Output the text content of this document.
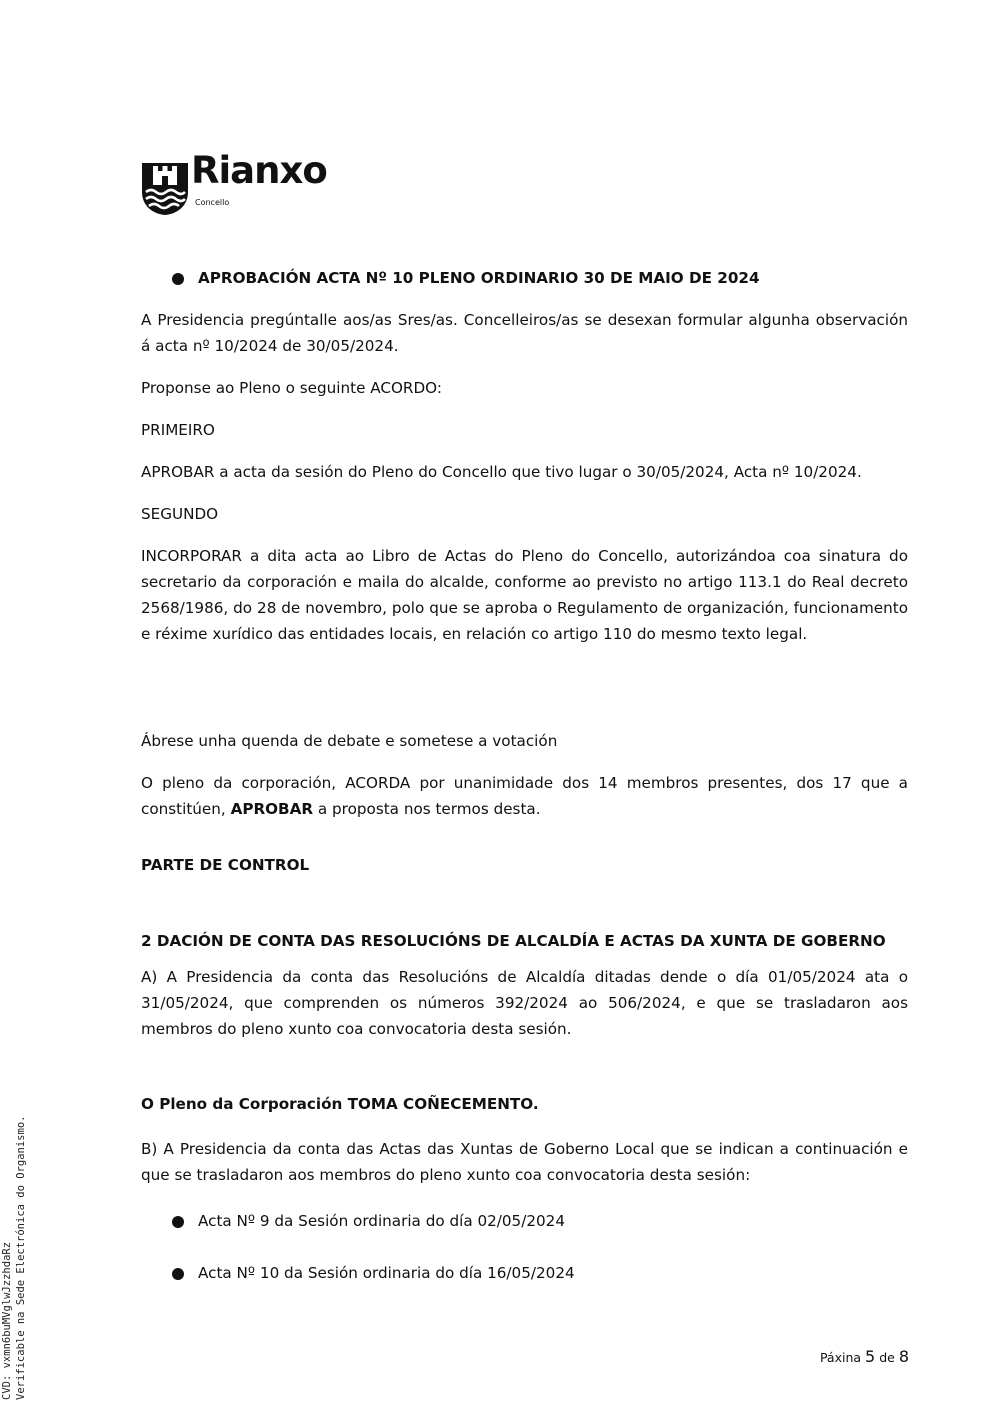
Rianxo
Concello
APROBACIÓN ACTA Nº 10 PLENO ORDINARIO 30 DE MAIO DE 2024

A Presidencia pregúntalle aos/as Sres/as. Concelleiros/as se desexan formular algunha observación á acta nº 10/2024 de 30/05/2024.

Proponse ao Pleno o seguinte ACORDO:

PRIMEIRO

APROBAR a acta da sesión do Pleno do Concello que tivo lugar o 30/05/2024, Acta nº 10/2024.

SEGUNDO

INCORPORAR a dita acta ao Libro de Actas do Pleno do Concello, autorizándoa coa sinatura do secretario da corporación e maila do alcalde, conforme ao previsto no artigo 113.1 do Real decreto 2568/1986, do 28 de novembro, polo que se aproba o Regulamento de organización, funcionamento e réxime xurídico das entidades locais, en relación co artigo 110 do mesmo texto legal.

Ábrese unha quenda de debate e sometese a votación

O pleno da corporación, ACORDA por unanimidade dos 14 membros presentes, dos 17 que a constitúen, APROBAR a proposta nos termos desta.

PARTE DE CONTROL

2 DACIÓN DE CONTA DAS RESOLUCIÓNS DE ALCALDÍA E ACTAS DA XUNTA DE GOBERNO

A) A Presidencia da conta das Resolucións de Alcaldía ditadas dende o día 01/05/2024 ata o 31/05/2024, que comprenden os números 392/2024 ao 506/2024, e que se trasladaron aos membros do pleno xunto coa convocatoria desta sesión.

O Pleno da Corporación TOMA COÑECEMENTO.

B) A Presidencia da conta das Actas das Xuntas de Goberno Local que se indican a continuación e que se trasladaron aos membros do pleno xunto coa convocatoria desta sesión:

Acta Nº 9 da Sesión ordinaria do día 02/05/2024
Acta Nº 10 da Sesión ordinaria do día 16/05/2024
CVD: vxmn6buMVglwJzzhdaRz Verificable na Sede Electrónica do Organismo.	Páxina 5 de 8
